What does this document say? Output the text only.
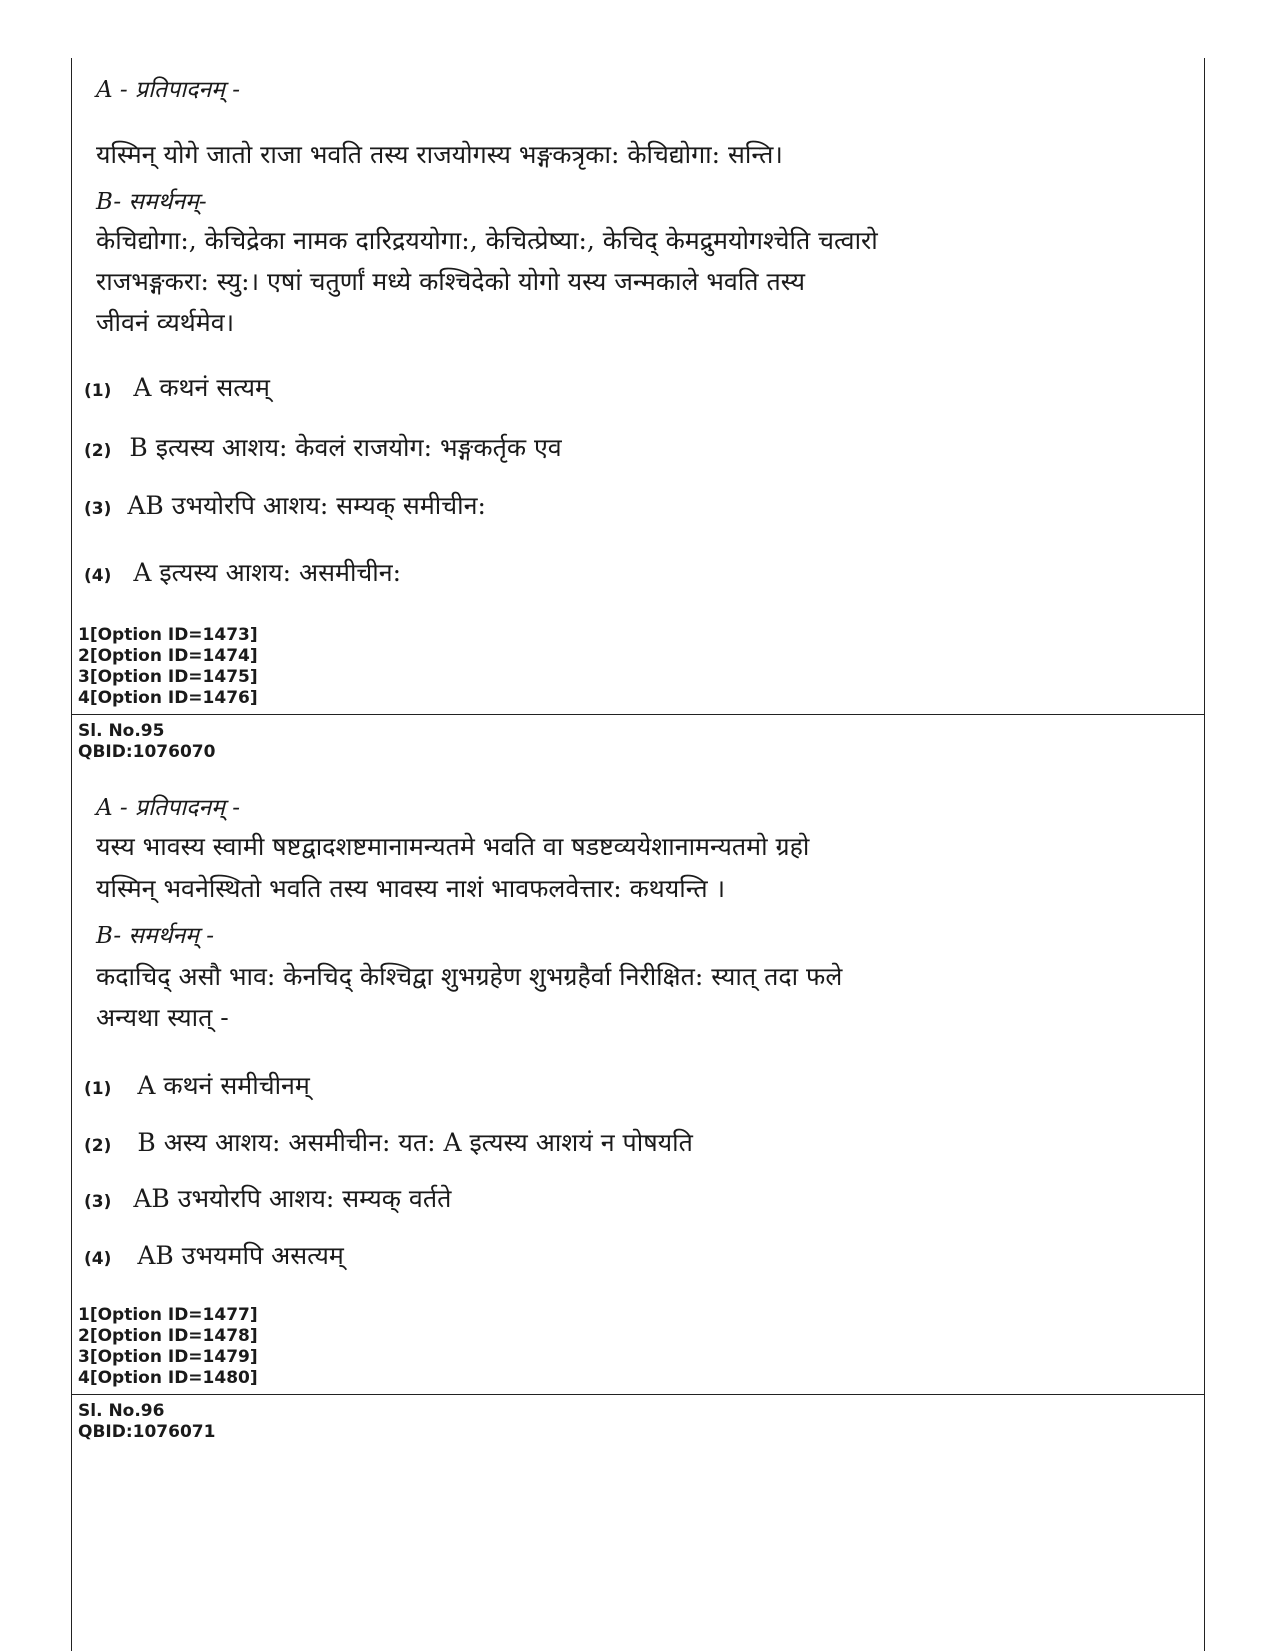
A - प्रतिपादनम् -
यस्मिन् योगे जातो राजा भवति तस्य राजयोगस्य भङ्गकत्रृका: केचिद्योगा: सन्ति।
B- समर्थनम्-
केचिद्योगा:, केचिद्रेका नामक दारिद्रययोगा:, केचित्प्रेष्या:, केचिद् केमद्रुमयोगश्चेति चत्वारो
राजभङ्गकरा: स्यु:। एषां चतुर्णां मध्ये कश्चिदेको योगो यस्य जन्मकाले भवति तस्य
जीवनं व्यर्थमेव।
(1) A कथनं सत्यम्
(2) B इत्यस्य आशय: केवलं राजयोग: भङ्गकर्तृक एव
(3) AB उभयोरपि आशय: सम्यक् समीचीन:
(4) A इत्यस्य आशय: असमीचीन:
1[Option ID=1473]
2[Option ID=1474]
3[Option ID=1475]
4[Option ID=1476]
Sl. No.95
QBID:1076070
A - प्रतिपादनम् -
यस्य भावस्य स्वामी षष्टद्वादशष्टमानामन्यतमे भवति वा षडष्टव्ययेशानामन्यतमो ग्रहो
यस्मिन् भवनेस्थितो भवति तस्य भावस्य नाशं भावफलवेत्तार: कथयन्ति ।
B- समर्थनम् -
कदाचिद् असौ भाव: केनचिद् केश्चिद्वा शुभग्रहेण शुभग्रहैर्वा निरीक्षित: स्यात् तदा फले
अन्यथा स्यात् -
(1) A कथनं समीचीनम्
(2) B अस्य आशय: असमीचीन: यत: A इत्यस्य आशयं न पोषयति
(3) AB उभयोरपि आशय: सम्यक् वर्तते
(4) AB उभयमपि असत्यम्
1[Option ID=1477]
2[Option ID=1478]
3[Option ID=1479]
4[Option ID=1480]
Sl. No.96
QBID:1076071
